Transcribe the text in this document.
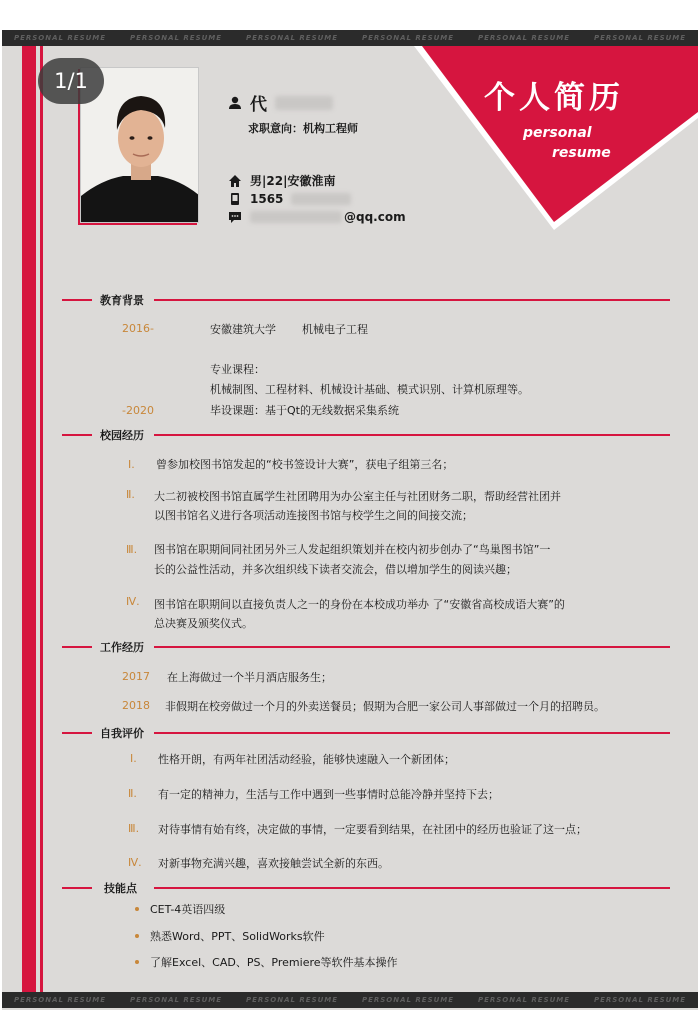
PERSONAL RESUME	PERSONAL RESUME	PERSONAL RESUME	PERSONAL RESUME	PERSONAL RESUME	PERSONAL RESUME
个人简历
personal
resume
代
求职意向：机构工程师
男|22|安徽淮南
1565
@qq.com
教育背景
2016-	安徽建筑大学 机械电子工程
专业课程：
机械制图、工程材料、机械设计基础、模式识别、计算机原理等。
-2020	毕设课题：基于Qt的无线数据采集系统
校园经历
Ⅰ. 曾参加校图书馆发起的“校书签设计大赛”，获电子组第三名；
Ⅱ. 大二初被校图书馆直属学生社团聘用为办公室主任与社团财务二职，帮助经营社团并
以图书馆名义进行各项活动连接图书馆与校学生之间的间接交流；
Ⅲ. 图书馆在职期间同社团另外三人发起组织策划并在校内初步创办了“鸟巢图书馆”一
长的公益性活动，并多次组织线下读者交流会，借以增加学生的阅读兴趣；
Ⅳ. 图书馆在职期间以直接负责人之一的身份在本校成功举办 了“安徽省高校成语大赛”的
总决赛及颁奖仪式。
工作经历
2017 在上海做过一个半月酒店服务生；
2018 非假期在校旁做过一个月的外卖送餐员；假期为合肥一家公司人事部做过一个月的招聘员。
自我评价
Ⅰ. 性格开朗，有两年社团活动经验，能够快速融入一个新团体；
Ⅱ. 有一定的精神力，生活与工作中遇到一些事情时总能冷静并坚持下去；
Ⅲ. 对待事情有始有终，决定做的事情，一定要看到结果，在社团中的经历也验证了这一点；
Ⅳ. 对新事物充满兴趣，喜欢接触尝试全新的东西。
技能点
CET-4英语四级
熟悉Word、PPT、SolidWorks软件
了解Excel、CAD、PS、Premiere等软件基本操作
PERSONAL RESUME	PERSONAL RESUME	PERSONAL RESUME	PERSONAL RESUME	PERSONAL RESUME	PERSONAL RESUME
1/1
